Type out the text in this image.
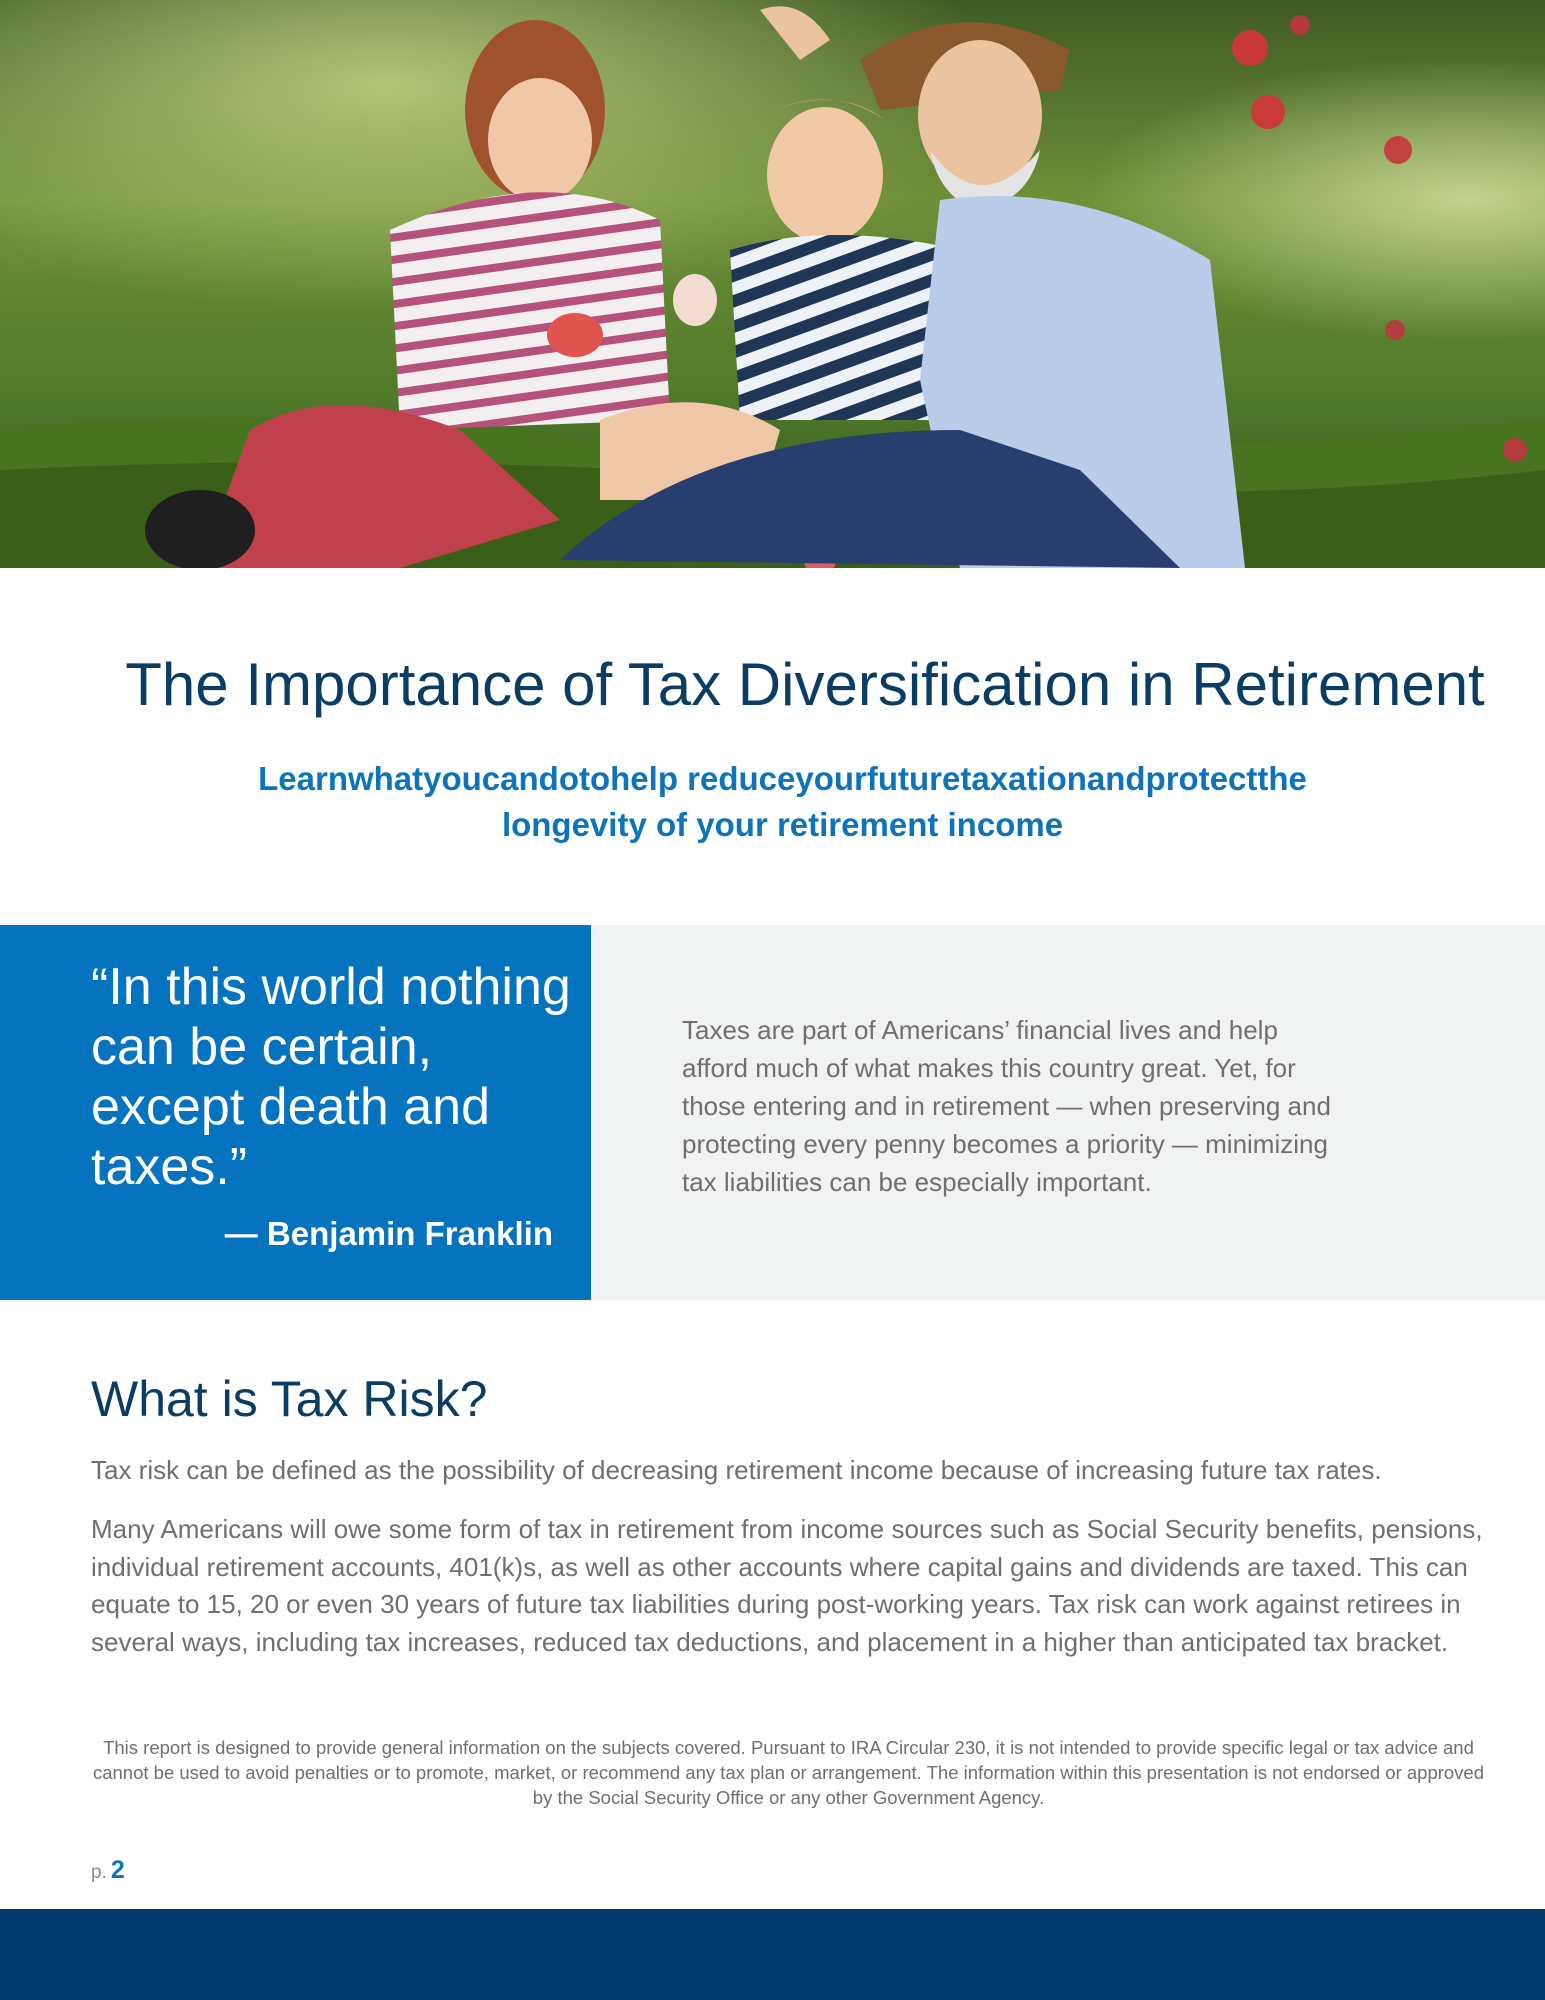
The Importance of Tax Diversification in Retirement

Learnwhatyoucandotohelp reduceyourfuturetaxationandprotectthe
longevity of your retirement income

“In this world nothing can be certain, except death and taxes.”

— Benjamin Franklin

Taxes are part of Americans’ financial lives and help afford much of what makes this country great. Yet, for those entering and in retirement — when preserving and protecting every penny becomes a priority — minimizing tax liabilities can be especially important.

What is Tax Risk?

Tax risk can be defined as the possibility of decreasing retirement income because of increasing future tax rates.

Many Americans will owe some form of tax in retirement from income sources such as Social Security benefits, pensions, individual retirement accounts, 401(k)s, as well as other accounts where capital gains and dividends are taxed. This can equate to 15, 20 or even 30 years of future tax liabilities during post-working years. Tax risk can work against retirees in several ways, including tax increases, reduced tax deductions, and placement in a higher than anticipated tax bracket.

This report is designed to provide general information on the subjects covered. Pursuant to IRA Circular 230, it is not intended to provide specific legal or tax advice and cannot be used to avoid penalties or to promote, market, or recommend any tax plan or arrangement. The information within this presentation is not endorsed or approved by the Social Security Office or any other Government Agency.

p. 2
